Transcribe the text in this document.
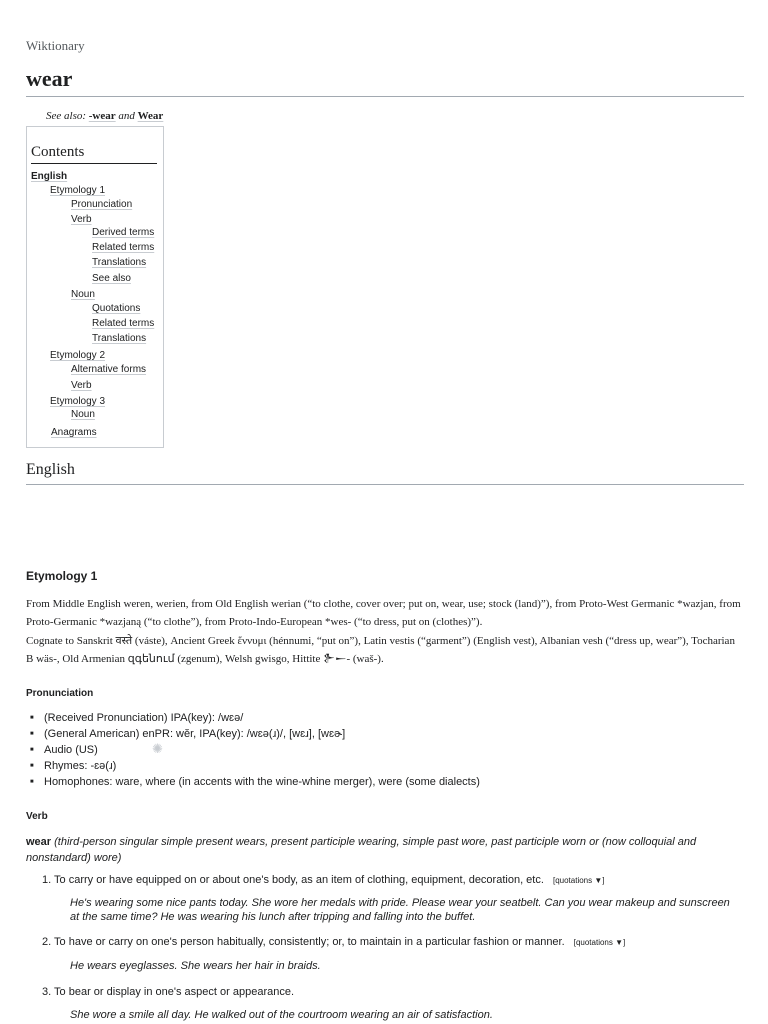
Wiktionary
wear
See also: -wear and Wear
Contents
English
Etymology 1
Pronunciation
Verb
Derived terms
Related terms
Translations
See also
Noun
Quotations
Related terms
Translations
Etymology 2
Alternative forms
Verb
Etymology 3
Noun
Anagrams
English
Etymology 1
From Middle English weren, werien, from Old English werian (“to clothe, cover over; put on, wear, use; stock (land)”), from Proto-West Germanic *wazjan, from Proto-Germanic *wazjaną (“to clothe”), from Proto-Indo-European *wes- (“to dress, put on (clothes)”).
Cognate to Sanskrit वस्ते (váste), Ancient Greek ἕννυμι (hénnumi, “put on”), Latin vestis (“garment”) (English vest), Albanian vesh (“dress up, wear”), Tocharian B wäs-, Old Armenian զգենում (zgenum), Welsh gwisgo, Hittite 𒉿𒀸- (waš-).
Pronunciation
■ (Received Pronunciation) IPA(key): /wɛə/
■ (General American) enPR: wĕr, IPA(key): /wɛə(ɹ)/, [wɛɹ], [wɛɚ]
■ Audio (US)
■ Rhymes: -ɛə(ɹ)
■ Homophones: ware, where (in accents with the wine-whine merger), were (some dialects)
✺
Verb
wear (third-person singular simple present wears, present participle wearing, simple past wore, past participle worn or (now colloquial and nonstandard) wore)
1. To carry or have equipped on or about one's body, as an item of clothing, equipment, decoration, etc. [quotations ▼]
He's wearing some nice pants today. She wore her medals with pride. Please wear your seatbelt. Can you wear makeup and sunscreen at the same time? He was wearing his lunch after tripping and falling into the buffet.
2. To have or carry on one's person habitually, consistently; or, to maintain in a particular fashion or manner. [quotations ▼]
He wears eyeglasses. She wears her hair in braids.
3. To bear or display in one's aspect or appearance.
She wore a smile all day. He walked out of the courtroom wearing an air of satisfaction.
